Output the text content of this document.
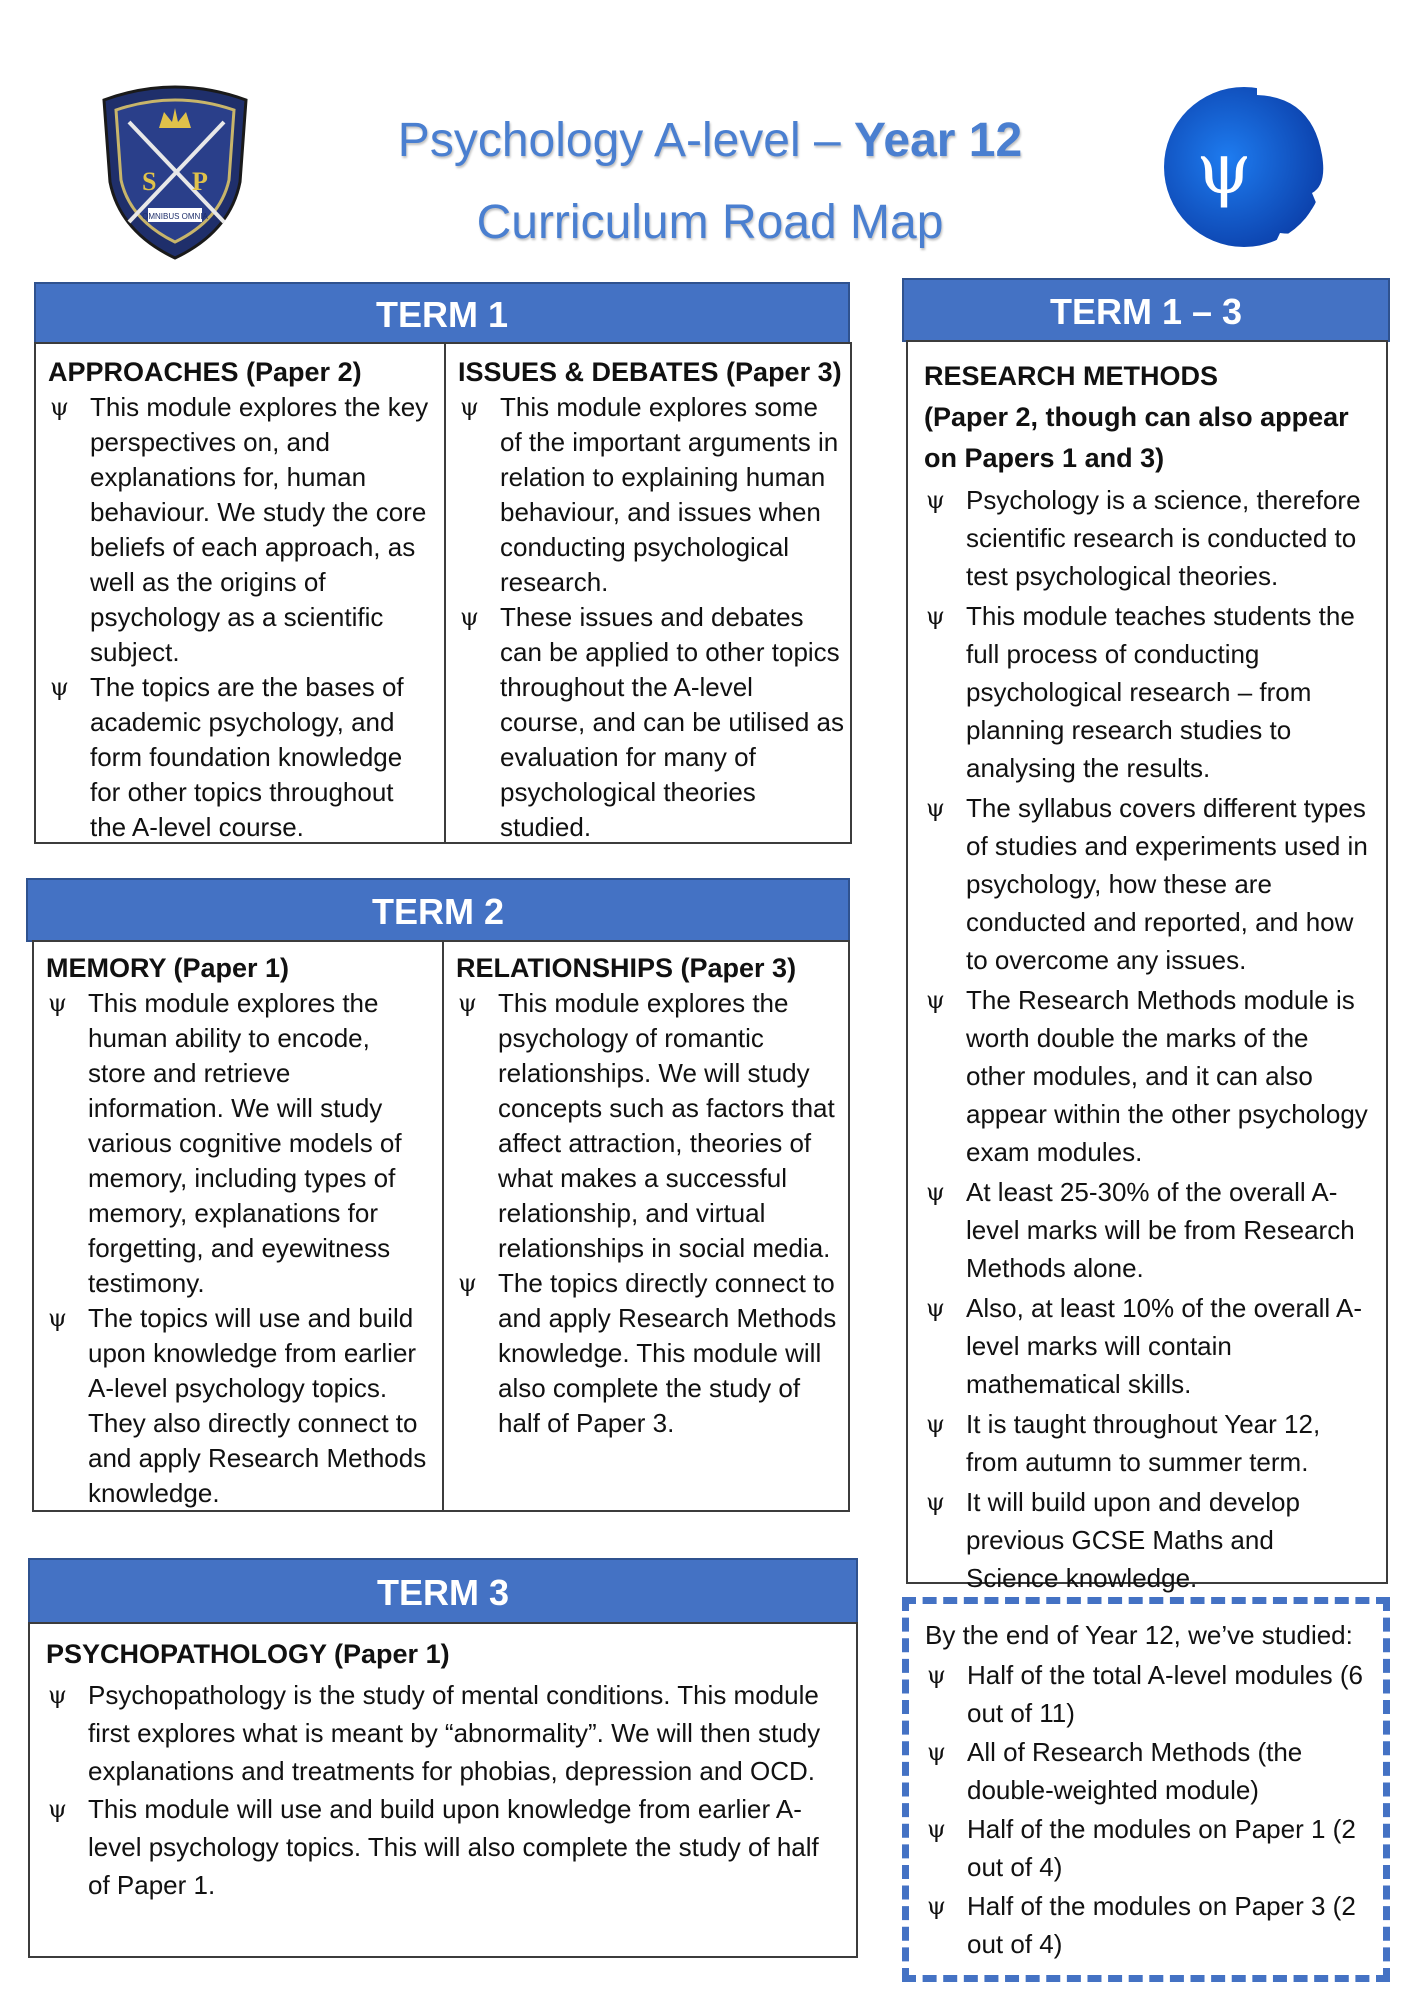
S P
OMNIBUS OMNIA
Psychology A-level – Year 12
Curriculum Road Map
ψ
TERM 1
APPROACHES (Paper 2)
ψ This module explores the key perspectives on, and explanations for, human behaviour. We study the core beliefs of each approach, as well as the origins of psychology as a scientific subject.
ψ The topics are the bases of academic psychology, and form foundation knowledge for other topics throughout the A-level course.
ISSUES & DEBATES (Paper 3)
ψ This module explores some of the important arguments in relation to explaining human behaviour, and issues when conducting psychological research.
ψ These issues and debates can be applied to other topics throughout the A-level course, and can be utilised as evaluation for many of psychological theories studied.
TERM 2
MEMORY (Paper 1)
ψ This module explores the human ability to encode, store and retrieve information. We will study various cognitive models of memory, including types of memory, explanations for forgetting, and eyewitness testimony.
ψ The topics will use and build upon knowledge from earlier A-level psychology topics. They also directly connect to and apply Research Methods knowledge.
RELATIONSHIPS (Paper 3)
ψ This module explores the psychology of romantic relationships. We will study concepts such as factors that affect attraction, theories of what makes a successful relationship, and virtual relationships in social media.
ψ The topics directly connect to and apply Research Methods knowledge. This module will also complete the study of half of Paper 3.
TERM 3
PSYCHOPATHOLOGY (Paper 1)
ψ Psychopathology is the study of mental conditions. This module first explores what is meant by “abnormality”. We will then study explanations and treatments for phobias, depression and OCD.
ψ This module will use and build upon knowledge from earlier A-level psychology topics. This will also complete the study of half of Paper 1.
TERM 1 – 3
RESEARCH METHODS
(Paper 2, though can also appear on Papers 1 and 3)
ψ Psychology is a science, therefore scientific research is conducted to test psychological theories.
ψ This module teaches students the full process of conducting psychological research – from planning research studies to analysing the results.
ψ The syllabus covers different types of studies and experiments used in psychology, how these are conducted and reported, and how to overcome any issues.
ψ The Research Methods module is worth double the marks of the other modules, and it can also appear within the other psychology exam modules.
ψ At least 25-30% of the overall A-level marks will be from Research Methods alone.
ψ Also, at least 10% of the overall A-level marks will contain mathematical skills.
ψ It is taught throughout Year 12, from autumn to summer term.
ψ It will build upon and develop previous GCSE Maths and Science knowledge.
By the end of Year 12, we’ve studied:
ψ Half of the total A-level modules (6 out of 11)
ψ All of Research Methods (the double-weighted module)
ψ Half of the modules on Paper 1 (2 out of 4)
ψ Half of the modules on Paper 3 (2 out of 4)
